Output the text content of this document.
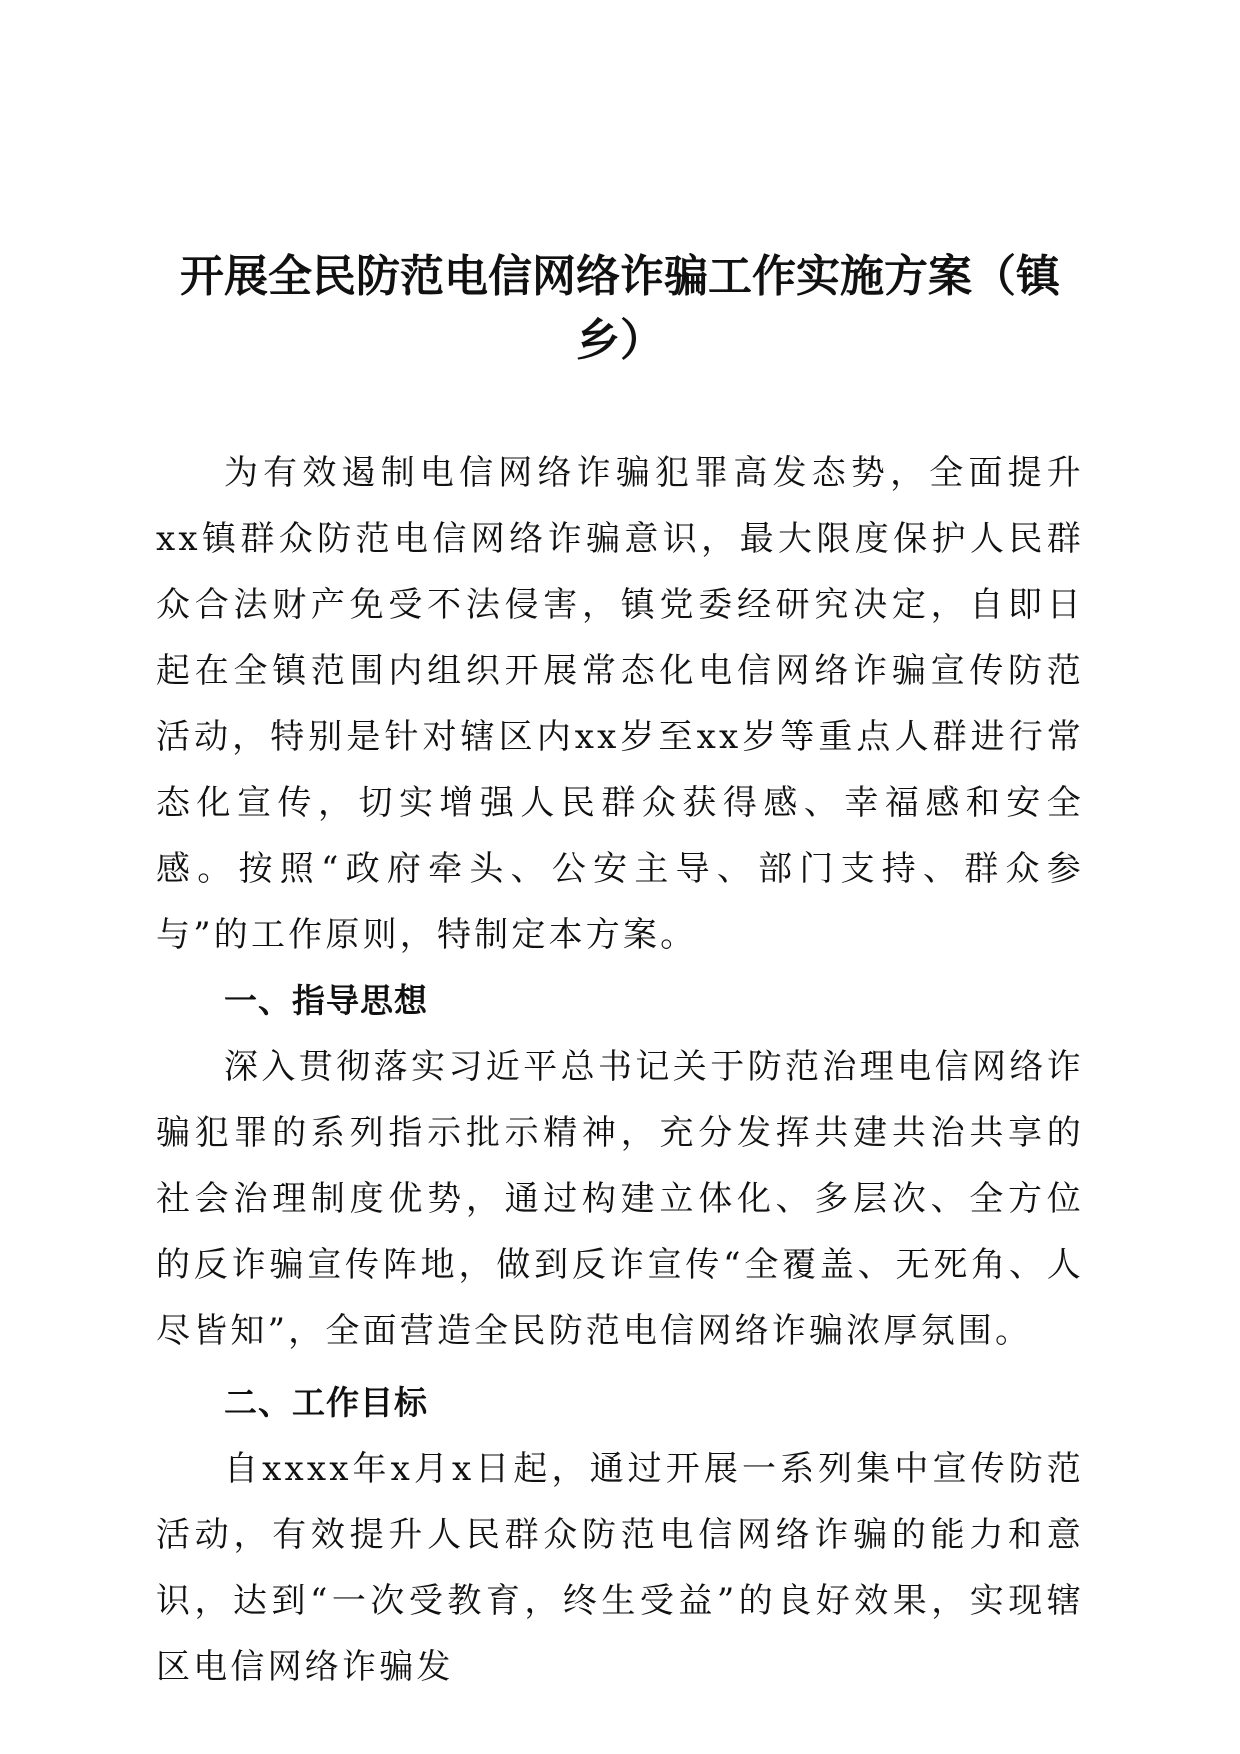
开展全民防范电信网络诈骗工作实施方案（镇
乡）

为有效遏制电信网络诈骗犯罪高发态势，全面提升xx镇群众防范电信网络诈骗意识，最大限度保护人民群众合法财产免受不法侵害，镇党委经研究决定，自即日起在全镇范围内组织开展常态化电信网络诈骗宣传防范活动，特别是针对辖区内xx岁至xx岁等重点人群进行常态化宣传，切实增强人民群众获得感、幸福感和安全感。按照“政府牵头、公安主导、部门支持、群众参与”的工作原则，特制定本方案。

一、指导思想

深入贯彻落实习近平总书记关于防范治理电信网络诈骗犯罪的系列指示批示精神，充分发挥共建共治共享的社会治理制度优势，通过构建立体化、多层次、全方位的反诈骗宣传阵地，做到反诈宣传“全覆盖、无死角、人尽皆知”，全面营造全民防范电信网络诈骗浓厚氛围。

二、工作目标

自xxxx年x月x日起，通过开展一系列集中宣传防范活动，有效提升人民群众防范电信网络诈骗的能力和意识，达到“一次受教育，终生受益”的良好效果，实现辖区电信网络诈骗发
